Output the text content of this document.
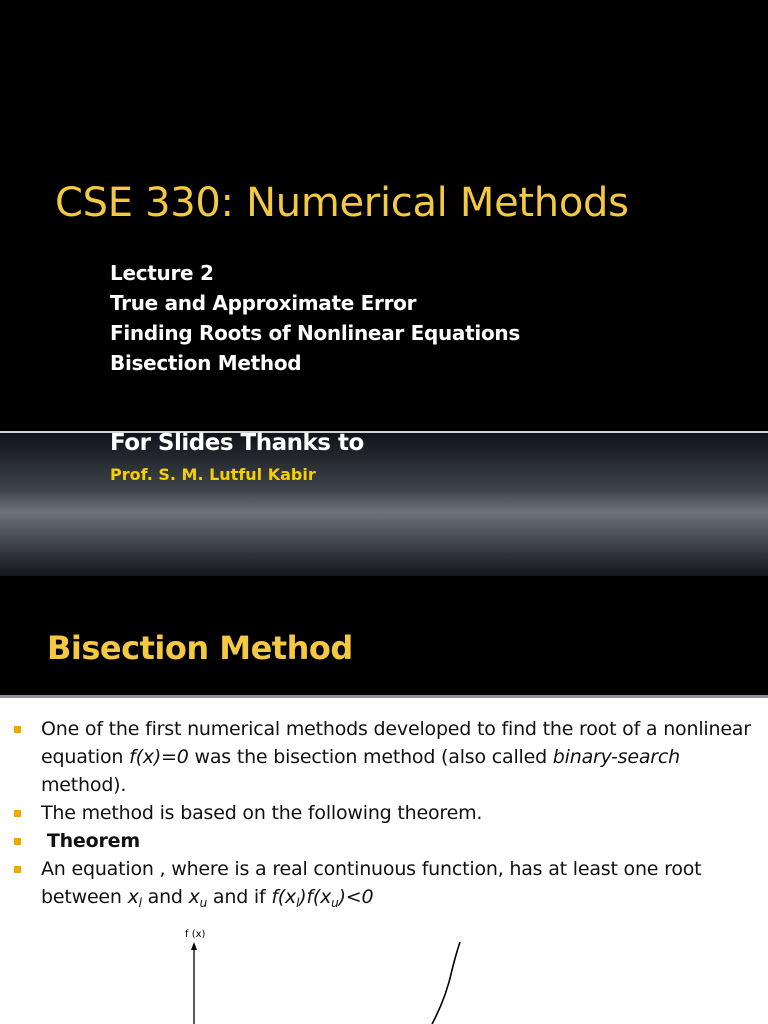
CSE 330: Numerical Methods
Lecture 2
True and Approximate Error
Finding Roots of Nonlinear Equations
Bisection Method
For Slides Thanks to
Prof. S. M. Lutful Kabir
Bisection Method
One of the first numerical methods developed to find the root of a nonlinear equation f(x)=0 was the bisection method (also called binary-search method).
The method is based on the following theorem.
Theorem
An equation , where is a real continuous function, has at least one root between $x_l$ and $x_u$ and if $f(x_l)f(x_u)<0$
f (x)
